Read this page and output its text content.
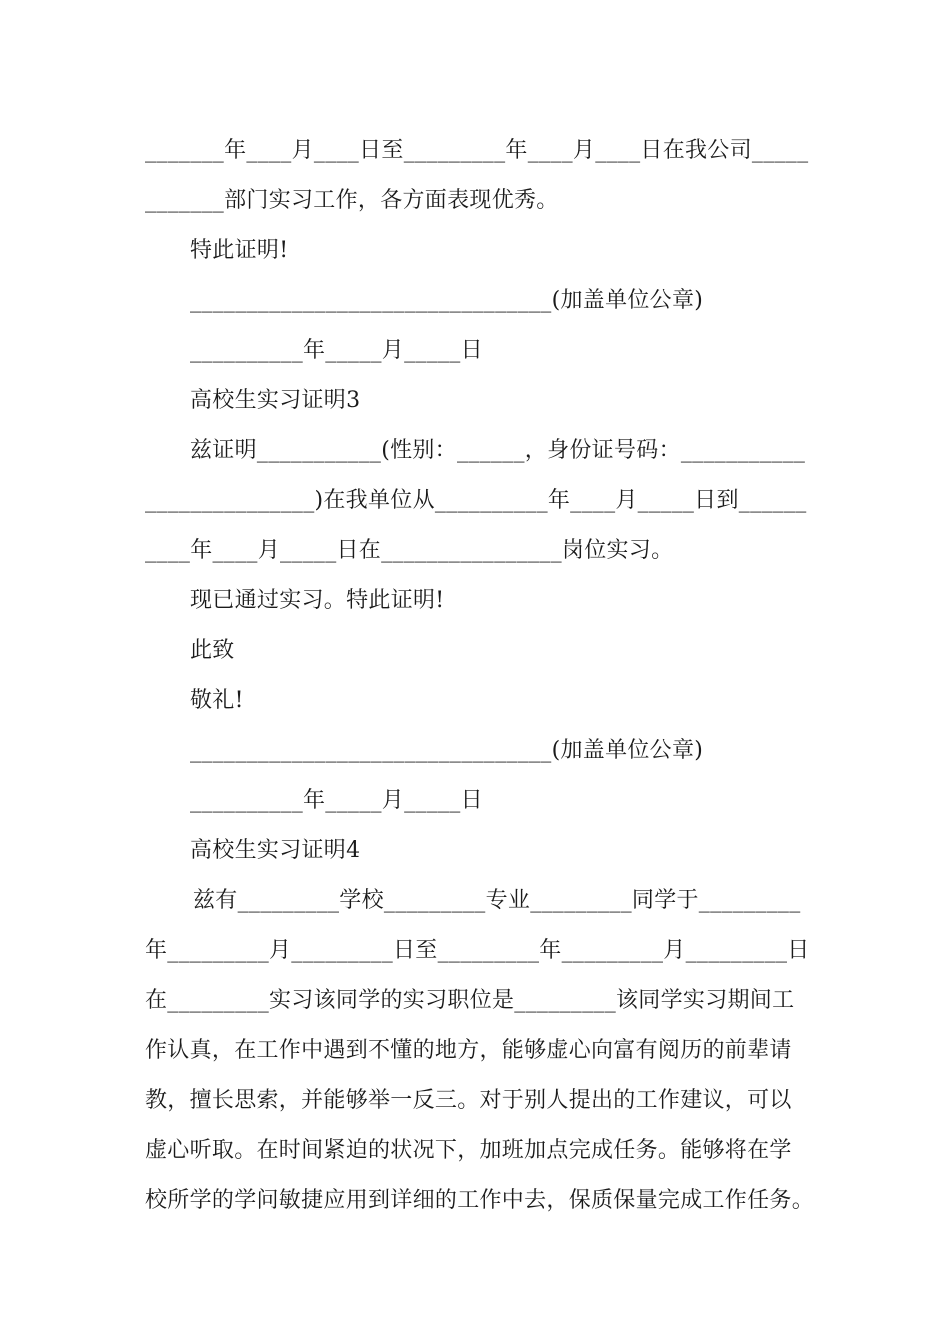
_______年____月____日至_________年____月____日在我公司_____
_______部门实习工作，各方面表现优秀。
特此证明!
________________________________(加盖单位公章)
__________年_____月_____日
高校生实习证明3
兹证明___________(性别：______，身份证号码：___________
_______________)在我单位从__________年____月_____日到______
____年____月_____日在________________岗位实习。
现已通过实习。特此证明!
此致
敬礼!
________________________________(加盖单位公章)
__________年_____月_____日
高校生实习证明4
兹有_________学校_________专业_________同学于_________
年_________月_________日至_________年_________月_________日
在_________实习该同学的实习职位是_________该同学实习期间工
作认真，在工作中遇到不懂的地方，能够虚心向富有阅历的前辈请
教，擅长思索，并能够举一反三。对于别人提出的工作建议，可以
虚心听取。在时间紧迫的状况下，加班加点完成任务。能够将在学
校所学的学问敏捷应用到详细的工作中去，保质保量完成工作任务。
